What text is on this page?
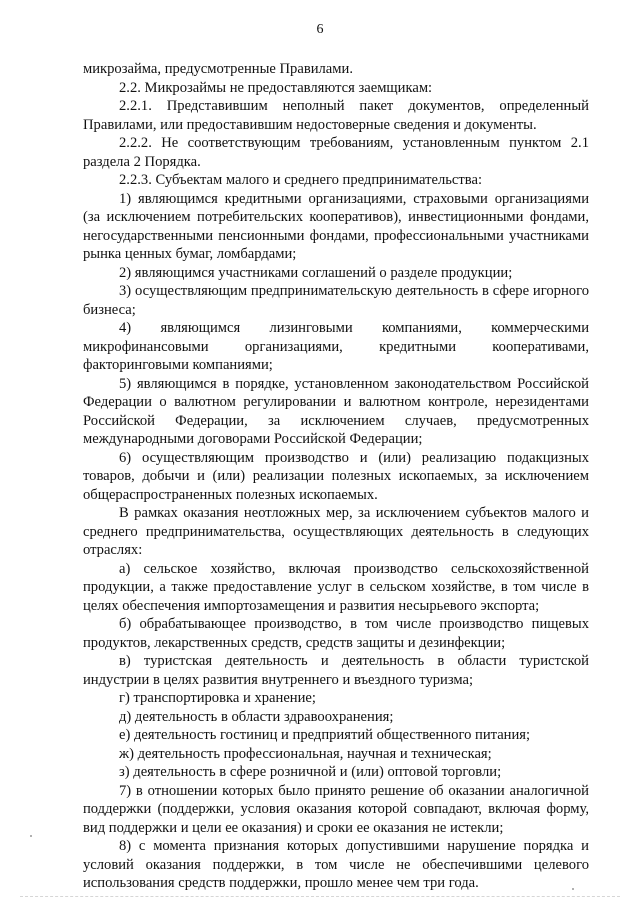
6

микрозайма, предусмотренные Правилами.

2.2. Микрозаймы не предоставляются заемщикам:

2.2.1. Представившим неполный пакет документов, определенный Правилами, или предоставившим недостоверные сведения и документы.

2.2.2. Не соответствующим требованиям, установленным пунктом 2.1 раздела 2 Порядка.

2.2.3. Субъектам малого и среднего предпринимательства:

1) являющимся кредитными организациями, страховыми организациями (за исключением потребительских кооперативов), инвестиционными фондами, негосударственными пенсионными фондами, профессиональными участниками рынка ценных бумаг, ломбардами;

2) являющимся участниками соглашений о разделе продукции;

3) осуществляющим предпринимательскую деятельность в сфере игорного бизнеса;

4) являющимся лизинговыми компаниями, коммерческими микрофинансовыми организациями, кредитными кооперативами, факторинговыми компаниями;

5) являющимся в порядке, установленном законодательством Российской Федерации о валютном регулировании и валютном контроле, нерезидентами Российской Федерации, за исключением случаев, предусмотренных международными договорами Российской Федерации;

6) осуществляющим производство и (или) реализацию подакцизных товаров, добычи и (или) реализации полезных ископаемых, за исключением общераспространенных полезных ископаемых.

В рамках оказания неотложных мер, за исключением субъектов малого и среднего предпринимательства, осуществляющих деятельность в следующих отраслях:

а) сельское хозяйство, включая производство сельскохозяйственной продукции, а также предоставление услуг в сельском хозяйстве, в том числе в целях обеспечения импортозамещения и развития несырьевого экспорта;

б) обрабатывающее производство, в том числе производство пищевых продуктов, лекарственных средств, средств защиты и дезинфекции;

в) туристская деятельность и деятельность в области туристской индустрии в целях развития внутреннего и въездного туризма;

г) транспортировка и хранение;

д) деятельность в области здравоохранения;

е) деятельность гостиниц и предприятий общественного питания;

ж) деятельность профессиональная, научная и техническая;

з) деятельность в сфере розничной и (или) оптовой торговли;

7) в отношении которых было принято решение об оказании аналогичной поддержки (поддержки, условия оказания которой совпадают, включая форму, вид поддержки и цели ее оказания) и сроки ее оказания не истекли;

8) с момента признания которых допустившими нарушение порядка и условий оказания поддержки, в том числе не обеспечившими целевого использования средств поддержки, прошло менее чем три года.
